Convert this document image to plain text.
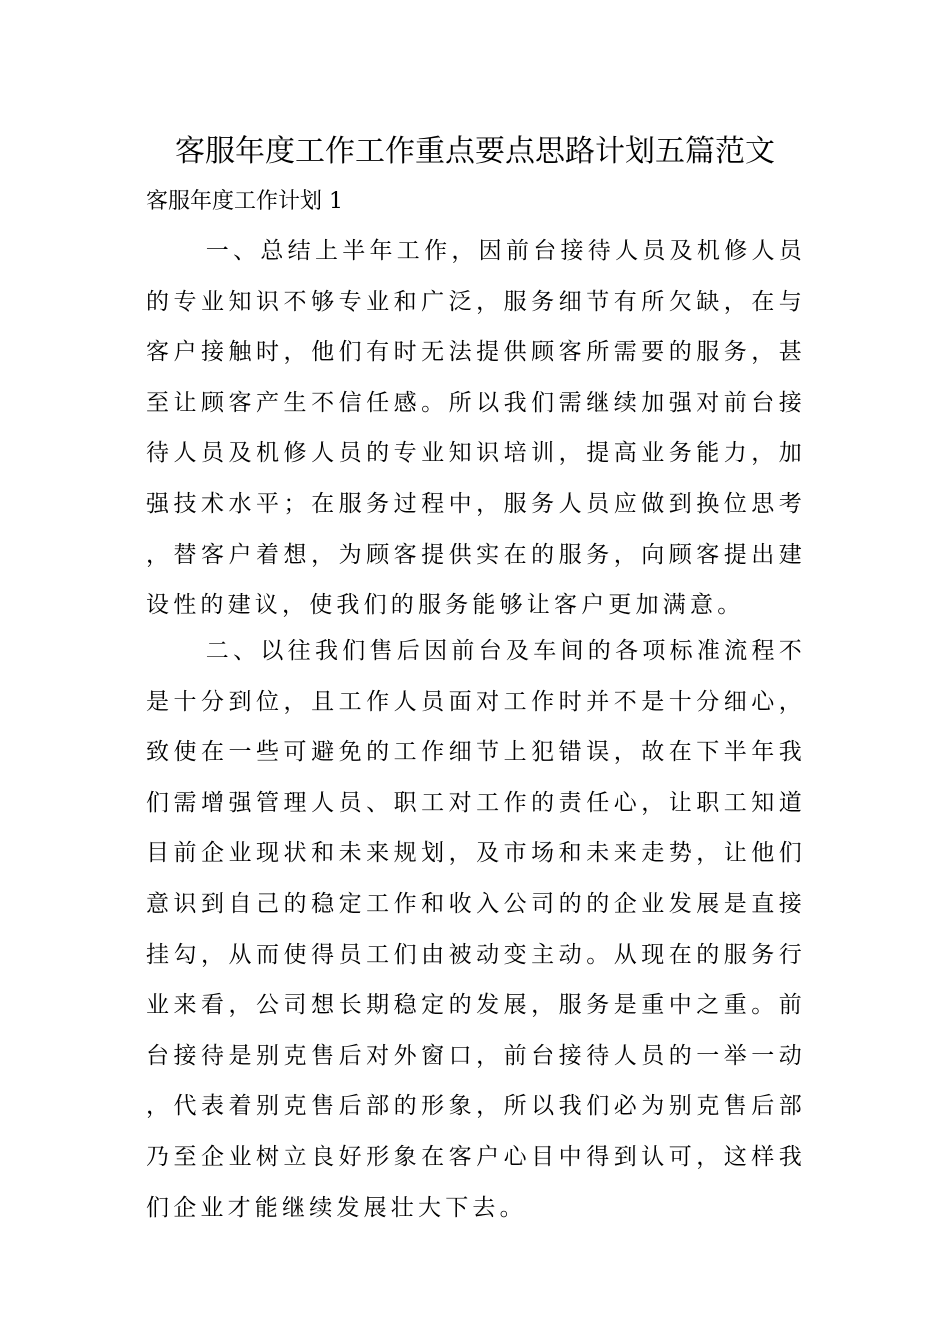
客服年度工作工作重点要点思路计划五篇范文
客服年度工作计划 1

一、总结上半年工作，因前台接待人员及机修人员的专业知识不够专业和广泛，服务细节有所欠缺，在与客户接触时，他们有时无法提供顾客所需要的服务，甚至让顾客产生不信任感。所以我们需继续加强对前台接待人员及机修人员的专业知识培训，提高业务能力，加强技术水平；在服务过程中，服务人员应做到换位思考，替客户着想，为顾客提供实在的服务，向顾客提出建设性的建议，使我们的服务能够让客户更加满意。

二、以往我们售后因前台及车间的各项标准流程不是十分到位，且工作人员面对工作时并不是十分细心，致使在一些可避免的工作细节上犯错误，故在下半年我们需增强管理人员、职工对工作的责任心，让职工知道目前企业现状和未来规划，及市场和未来走势，让他们意识到自己的稳定工作和收入公司的的企业发展是直接挂勾，从而使得员工们由被动变主动。从现在的服务行业来看，公司想长期稳定的发展，服务是重中之重。前台接待是别克售后对外窗口，前台接待人员的一举一动，代表着别克售后部的形象，所以我们必为别克售后部乃至企业树立良好形象在客户心目中得到认可，这样我们企业才能继续发展壮大下去。
